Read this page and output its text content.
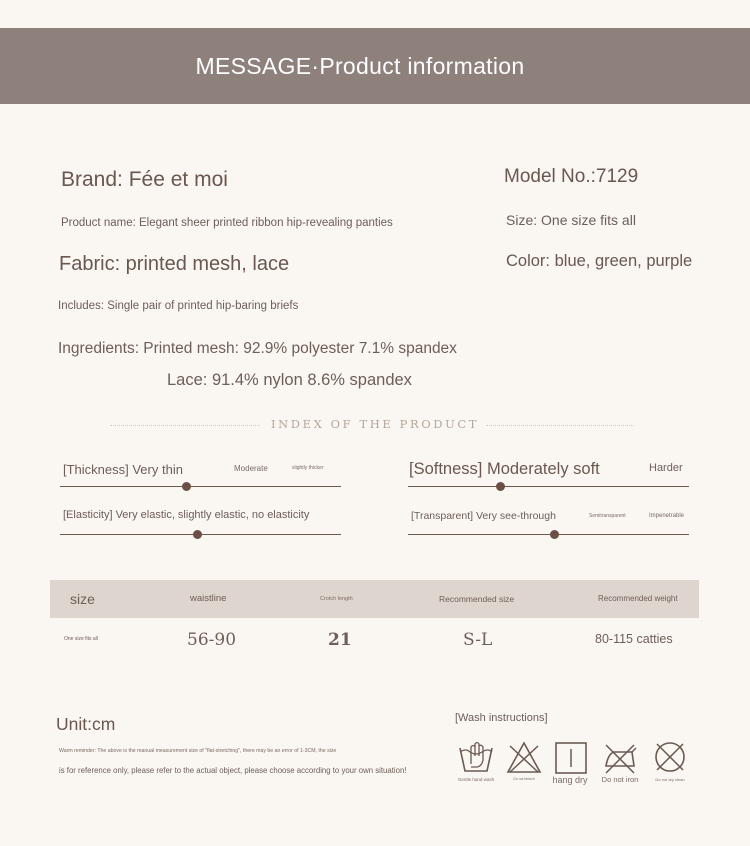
MESSAGE·Product information
Brand: Fée et moi	Model No.:7129
Product name: Elegant sheer printed ribbon hip-revealing panties	Size: One size fits all
Fabric: printed mesh, lace	Color: blue, green, purple
Includes: Single pair of printed hip-baring briefs
Ingredients: Printed mesh: 92.9% polyester 7.1% spandex
Lace: 91.4% nylon 8.6% spandex
INDEX OF THE PRODUCT
[Thickness] Very thin	Moderate	slightly thicker	[Softness] Moderately soft	Harder
[Elasticity] Very elastic, slightly elastic, no elasticity	[Transparent] Very see-through	Semitransparent	Impenetrable
size	waistline	Crotch length	Recommended size	Recommended weight
One size fits all	56-90	21	S-L	80-115 catties
Unit:cm
Warm reminder: The above is the manual measurement size of "flat-stretching", there may be an error of 1-3CM, the size
is for reference only, please refer to the actual object, please choose according to your own situation!
[Wash instructions]
Gentle hand wash	Do not bleach	hang dry	Do not iron	Do not dry clean
